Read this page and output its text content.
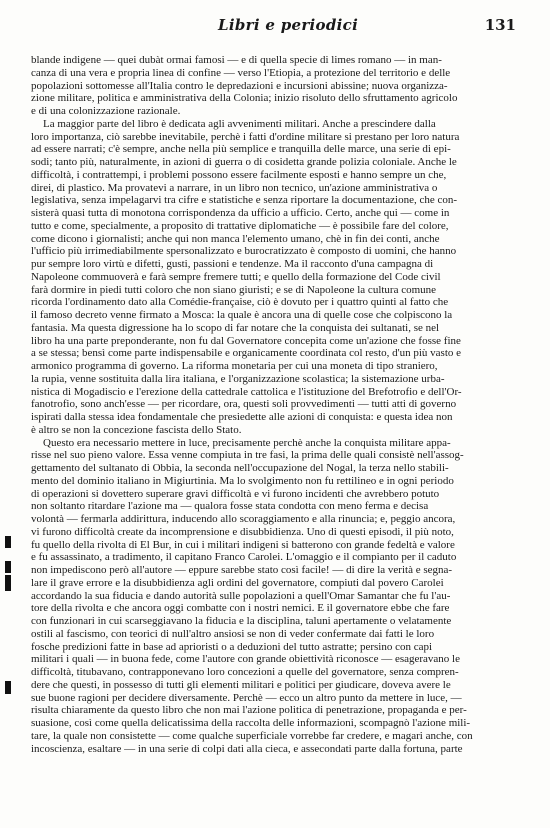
Libri e periodici	131

blande indigene — quei dubàt ormai famosi — e di quella specie di limes romano — in man-
canza di una vera e propria linea di confine — verso l'Etiopia, a protezione del territorio e delle
popolazioni sottomesse all'Italia contro le depredazioni e incursioni abissine; nuova organizza-
zione militare, politica e amministrativa della Colonia; inizio risoluto dello sfruttamento agricolo
e di una colonizzazione razionale.

La maggior parte del libro è dedicata agli avvenimenti militari. Anche a prescindere dalla
loro importanza, ciò sarebbe inevitabile, perchè i fatti d'ordine militare si prestano per loro natura
ad essere narrati; c'è sempre, anche nella più semplice e tranquilla delle marce, una serie di epi-
sodi; tanto più, naturalmente, in azioni di guerra o di cosidetta grande polizia coloniale. Anche le
difficoltà, i contrattempi, i problemi possono essere facilmente esposti e hanno sempre un che,
direi, di plastico. Ma provatevi a narrare, in un libro non tecnico, un'azione amministrativa o
legislativa, senza impelagarvi tra cifre e statistiche e senza riportare la documentazione, che con-
sisterà quasi tutta di monotona corrispondenza da ufficio a ufficio. Certo, anche qui — come in
tutto e come, specialmente, a proposito di trattative diplomatiche — è possibile fare del colore,
come dicono i giornalisti; anche qui non manca l'elemento umano, chè in fin dei conti, anche
l'ufficio più irrimediabilmente spersonalizzato e burocratizzato è composto di uomini, che hanno
pur sempre loro virtù e difetti, gusti, passioni e tendenze. Ma il racconto d'una campagna di
Napoleone commuoverà e farà sempre fremere tutti; e quello della formazione del Code civil
farà dormire in piedi tutti coloro che non siano giuristi; e se di Napoleone la cultura comune
ricorda l'ordinamento dato alla Comédie-française, ciò è dovuto per i quattro quinti al fatto che
il famoso decreto venne firmato a Mosca: la quale è ancora una di quelle cose che colpiscono la
fantasia. Ma questa digressione ha lo scopo di far notare che la conquista dei sultanati, se nel
libro ha una parte preponderante, non fu dal Governatore concepita come un'azione che fosse fine
a se stessa; bensì come parte indispensabile e organicamente coordinata col resto, d'un più vasto e
armonico programma di governo. La riforma monetaria per cui una moneta di tipo straniero,
la rupia, venne sostituita dalla lira italiana, e l'organizzazione scolastica; la sistemazione urba-
nistica di Mogadiscio e l'erezione della cattedrale cattolica e l'istituzione del Brefotrofio e dell'Or-
fanotrofio, sono anch'esse — per ricordare, ora, questi soli provvedimenti — tutti atti di governo
ispirati dalla stessa idea fondamentale che presiedette alle azioni di conquista: e questa idea non
è altro se non la concezione fascista dello Stato.

Questo era necessario mettere in luce, precisamente perchè anche la conquista militare appa-
risse nel suo pieno valore. Essa venne compiuta in tre fasi, la prima delle quali consistè nell'assog-
gettamento del sultanato di Obbia, la seconda nell'occupazione del Nogal, la terza nello stabili-
mento del dominio italiano in Migiurtinia. Ma lo svolgimento non fu rettilineo e in ogni periodo
di operazioni si dovettero superare gravi difficoltà e vi furono incidenti che avrebbero potuto
non soltanto ritardare l'azione ma — qualora fosse stata condotta con meno ferma e decisa
volontà — fermarla addirittura, inducendo allo scoraggiamento e alla rinuncia; e, peggio ancora,
vi furono difficoltà create da incomprensione e disubbidienza. Uno di questi episodi, il più noto,
fu quello della rivolta di El Bur, in cui i militari indigeni si batterono con grande fedeltà e valore
e fu assassinato, a tradimento, il capitano Franco Carolei. L'omaggio e il compianto per il caduto
non impediscono però all'autore — eppure sarebbe stato così facile! — di dire la verità e segna-
lare il grave errore e la disubbidienza agli ordini del governatore, compiuti dal povero Carolei
accordando la sua fiducia e dando autorità sulle popolazioni a quell'Omar Samantar che fu l'au-
tore della rivolta e che ancora oggi combatte con i nostri nemici. E il governatore ebbe che fare
con funzionari in cui scarseggiavano la fiducia e la disciplina, taluni apertamente o velatamente
ostili al fascismo, con teorici di null'altro ansiosi se non di veder confermate dai fatti le loro
fosche predizioni fatte in base ad aprioristi o a deduzioni del tutto astratte; persino con capi
militari i quali — in buona fede, come l'autore con grande obiettività riconosce — esageravano le
difficoltà, titubavano, contrapponevano loro concezioni a quelle del governatore, senza compren-
dere che questi, in possesso di tutti gli elementi militari e politici per giudicare, doveva avere le
sue buone ragioni per decidere diversamente. Perchè — ecco un altro punto da mettere in luce, —
risulta chiaramente da questo libro che non mai l'azione politica di penetrazione, propaganda e per-
suasione, così come quella delicatissima della raccolta delle informazioni, scompagnò l'azione mili-
tare, la quale non consistette — come qualche superficiale vorrebbe far credere, e magari anche, con
incoscienza, esaltare — in una serie di colpi dati alla cieca, e assecondati parte dalla fortuna, parte
